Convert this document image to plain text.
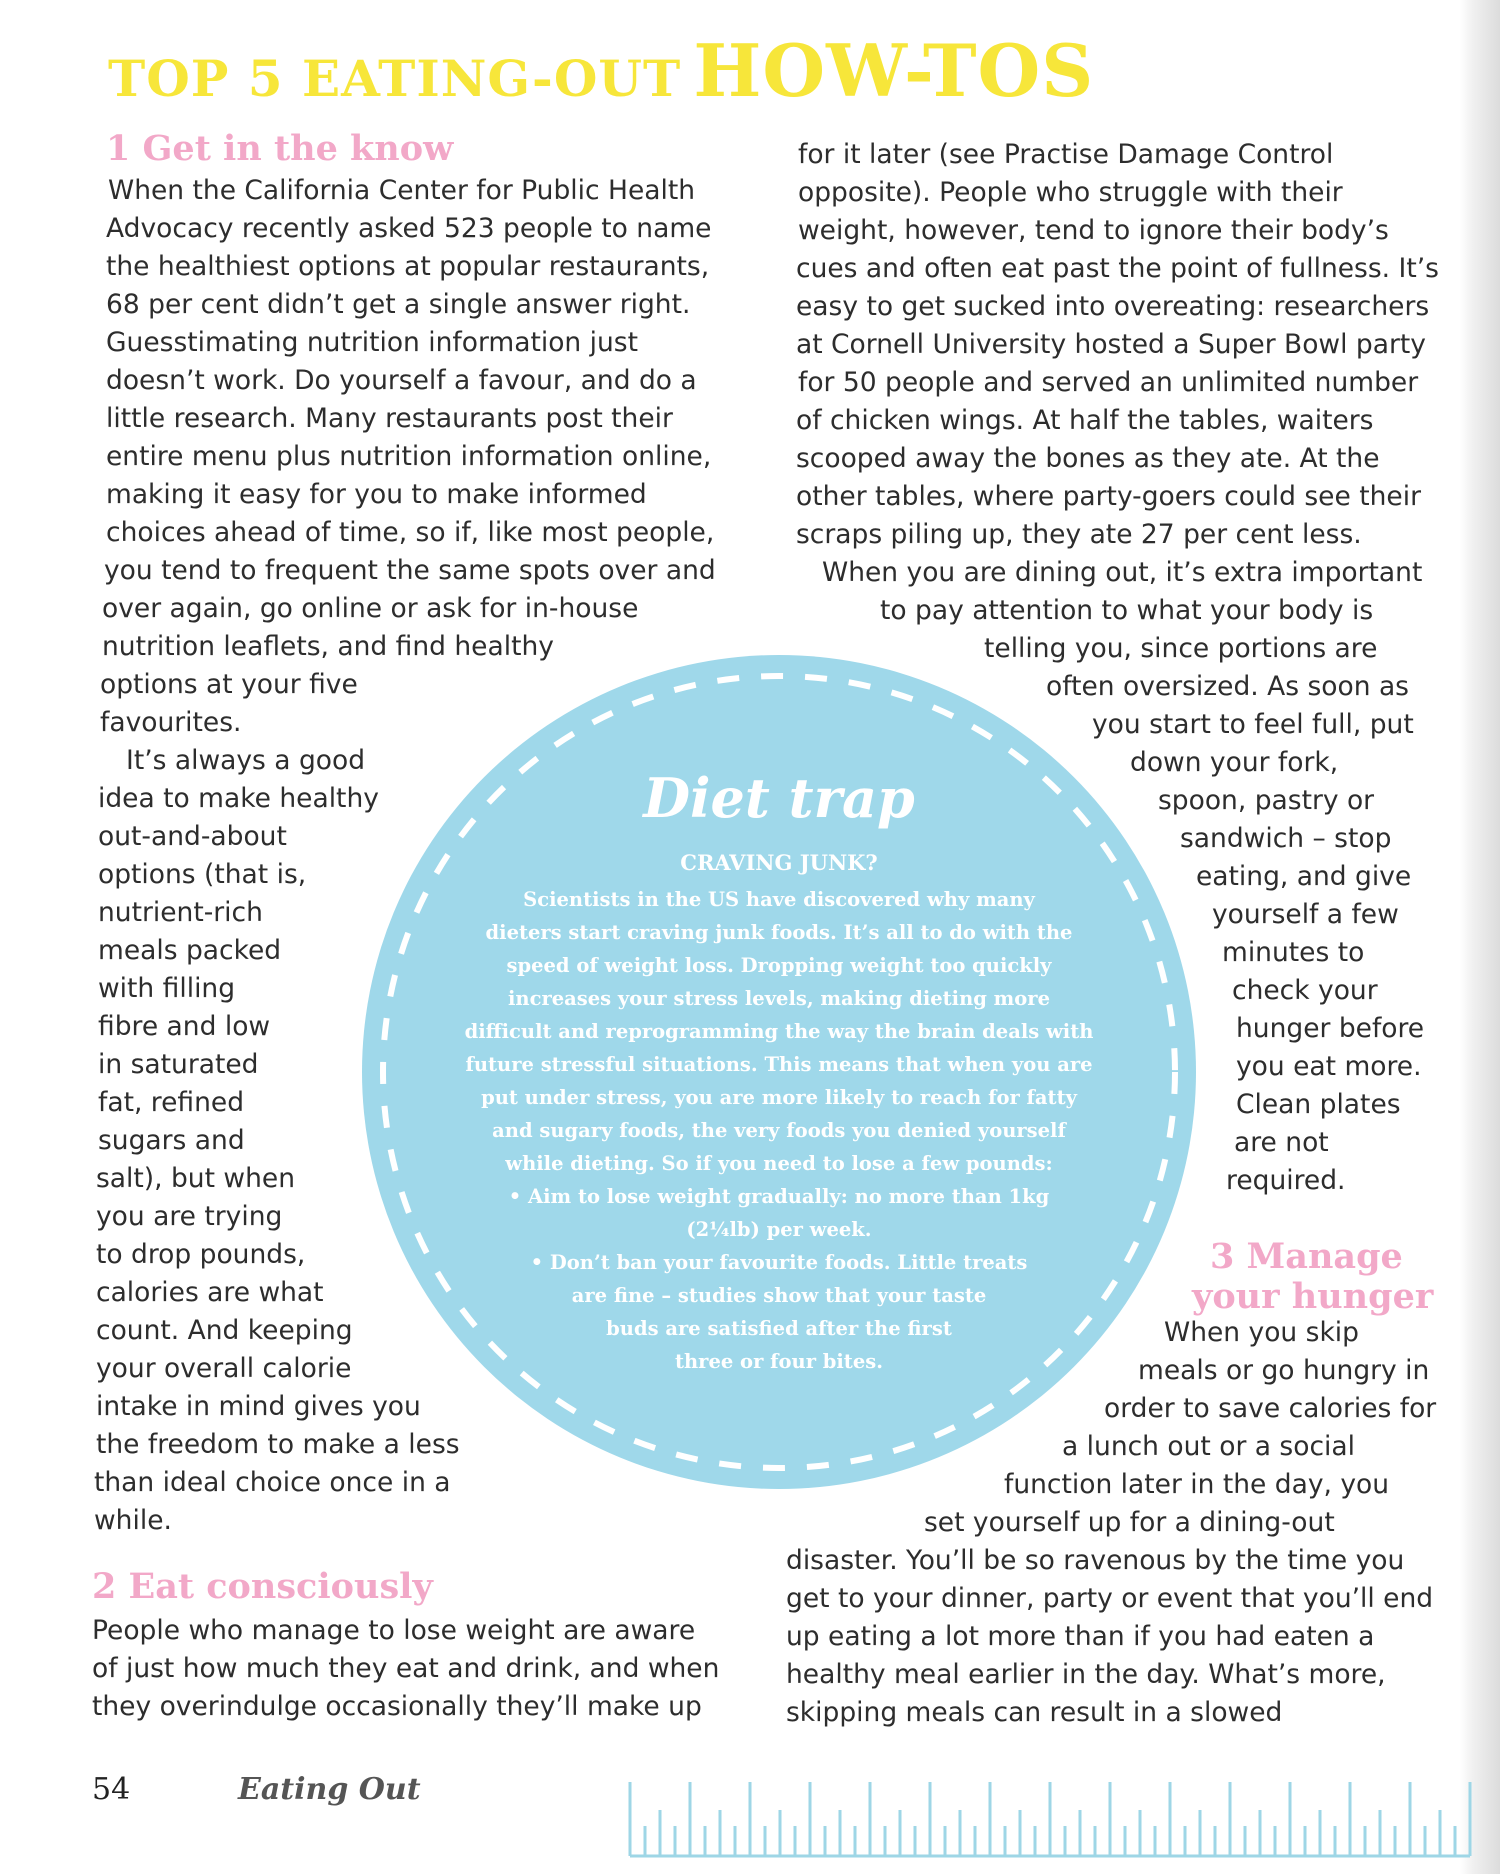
TOP 5 EATING-OUT HOW-TOS
1 Get in the know
When the California Center for Public Health
Advocacy recently asked 523 people to name
the healthiest options at popular restaurants,
68 per cent didn’t get a single answer right.
Guesstimating nutrition information just
doesn’t work. Do yourself a favour, and do a
little research. Many restaurants post their
entire menu plus nutrition information online,
making it easy for you to make informed
choices ahead of time, so if, like most people,
you tend to frequent the same spots over and
over again, go online or ask for in-house
nutrition leaflets, and find healthy
options at your five
favourites.
It’s always a good
idea to make healthy
out-and-about
options (that is,
nutrient-rich
meals packed
with filling
fibre and low
in saturated
fat, refined
sugars and
salt), but when
you are trying
to drop pounds,
calories are what
count. And keeping
your overall calorie
intake in mind gives you
the freedom to make a less
than ideal choice once in a
while.
2 Eat consciously
People who manage to lose weight are aware
of just how much they eat and drink, and when
they overindulge occasionally they’ll make up
for it later (see Practise Damage Control
opposite). People who struggle with their
weight, however, tend to ignore their body’s
cues and often eat past the point of fullness. It’s
easy to get sucked into overeating: researchers
at Cornell University hosted a Super Bowl party
for 50 people and served an unlimited number
of chicken wings. At half the tables, waiters
scooped away the bones as they ate. At the
other tables, where party-goers could see their
scraps piling up, they ate 27 per cent less.
When you are dining out, it’s extra important
to pay attention to what your body is
telling you, since portions are
often oversized. As soon as
you start to feel full, put
down your fork,
spoon, pastry or
sandwich – stop
eating, and give
yourself a few
minutes to
check your
hunger before
you eat more.
Clean plates
are not
required.
3 Manage
your hunger
When you skip
meals or go hungry in
order to save calories for
a lunch out or a social
function later in the day, you
set yourself up for a dining-out
disaster. You’ll be so ravenous by the time you
get to your dinner, party or event that you’ll end
up eating a lot more than if you had eaten a
healthy meal earlier in the day. What’s more,
skipping meals can result in a slowed
Diet trap
CRAVING JUNK?
Scientists in the US have discovered why many
dieters start craving junk foods. It’s all to do with the
speed of weight loss. Dropping weight too quickly
increases your stress levels, making dieting more
difficult and reprogramming the way the brain deals with
future stressful situations. This means that when you are
put under stress, you are more likely to reach for fatty
and sugary foods, the very foods you denied yourself
while dieting. So if you need to lose a few pounds:
• Aim to lose weight gradually: no more than 1kg
(2¼lb) per week.
• Don’t ban your favourite foods. Little treats
are fine – studies show that your taste
buds are satisfied after the first
three or four bites.
54	Eating Out
